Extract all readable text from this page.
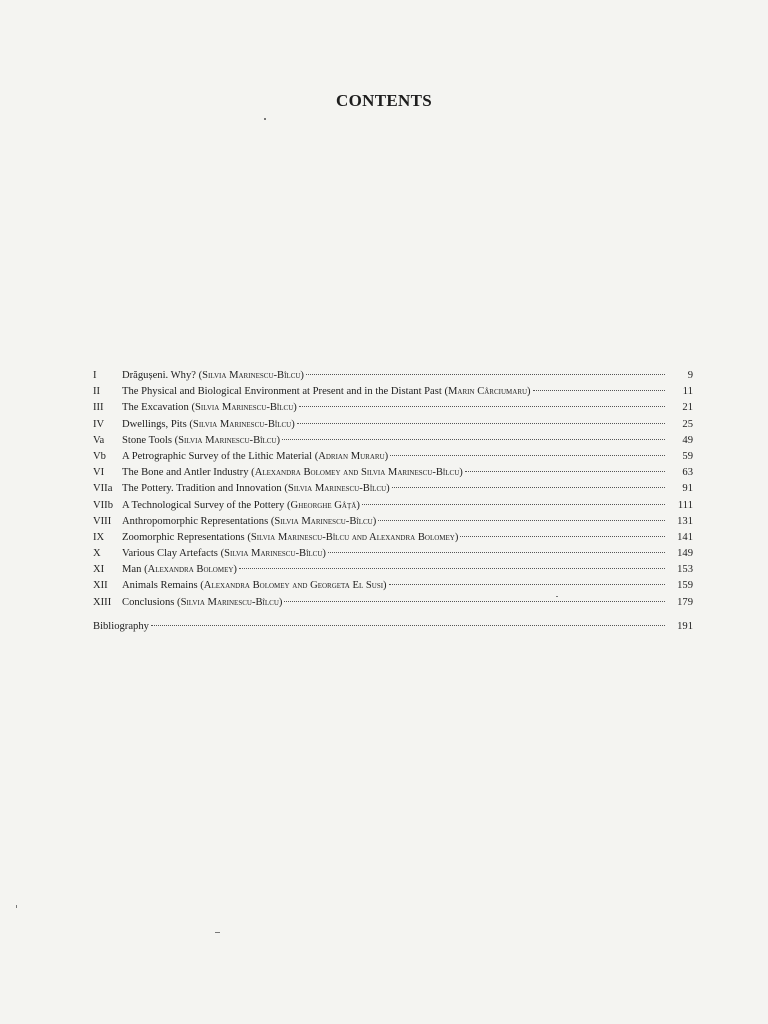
CONTENTS
I	Drăgușeni. Why? (Silvia Marinescu-Bîlcu)	9
II	The Physical and Biological Environment at Present and in the Distant Past (Marin Cârciumaru)	11
III	The Excavation (Silvia Marinescu-Bîlcu)	21
IV	Dwellings, Pits (Silvia Marinescu-Bîlcu)	25
Va	Stone Tools (Silvia Marinescu-Bîlcu)	49
Vb	A Petrographic Survey of the Lithic Material (Adrian Muraru)	59
VI	The Bone and Antler Industry (Alexandra Bolomey and Silvia Marinescu-Bîlcu)	63
VIIa The Pottery. Tradition and Innovation (Silvia Marinescu-Bîlcu)	91
VIIb A Technological Survey of the Pottery (Gheorghe Gâță)	111
VIII	Anthropomorphic Representations (Silvia Marinescu-Bîlcu)	131
IX	Zoomorphic Representations (Silvia Marinescu-Bîlcu and Alexandra Bolomey)	141
X	Various Clay Artefacts (Silvia Marinescu-Bîlcu)	149
XI	Man (Alexandra Bolomey)	153
XII	Animals Remains (Alexandra Bolomey and Georgeta El Susi)	159
XIII	Conclusions (Silvia Marinescu-Bîlcu)	179
Bibliography	191
